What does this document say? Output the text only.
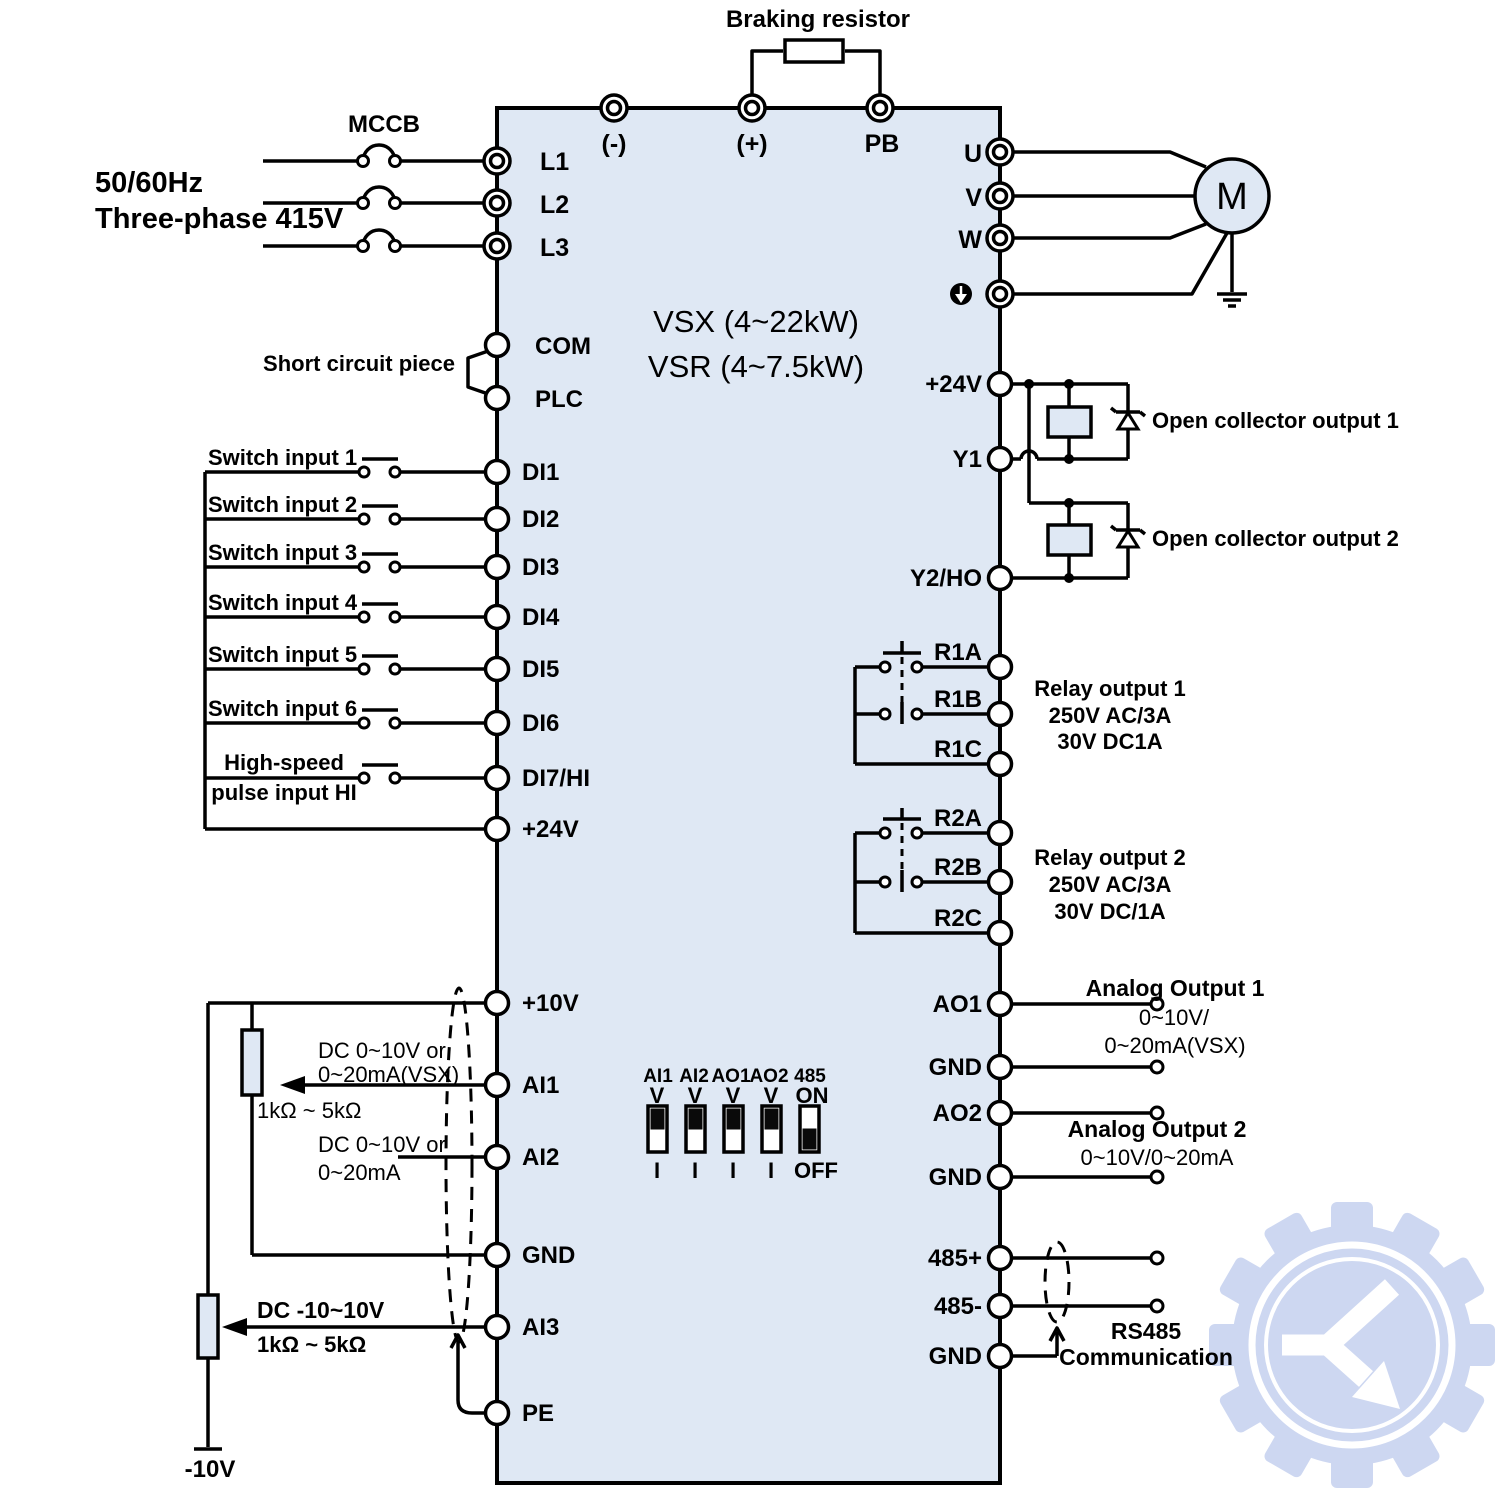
Braking resistor
(-)	(+)	PB
MCCB
50/60Hz
Three-phase 415V
L1
L2
L3
U
V
W
M
Short circuit piece
COM
PLC
VSX (4~22kW)
VSR (4~7.5kW)
Switch input 1
Switch input 2
Switch input 3
Switch input 4
Switch input 5
Switch input 6
High-speed
pulse input HI
DI1
DI2
DI3
DI4
DI5
DI6
DI7/HI
+24V
+10V
AI1
AI2
GND
AI3
PE
DC 0~10V or
0~20mA(VSX)
1kΩ ~ 5kΩ
DC 0~10V or
0~20mA
DC -10~10V
1kΩ ~ 5kΩ
-10V
+24V
Y1
Y2/HO
Open collector output 1
Open collector output 2
R1A
R1B
R1C
Relay output 1
250V AC/3A
30V DC1A
R2A
R2B
R2C
Relay output 2
250V AC/3A
30V DC/1A
AO1
GND
AO2
GND
Analog Output 1
0~10V/
0~20mA(VSX)
Analog Output 2
0~10V/0~20mA
485+
485-
GND
RS485
Communication
AI1 AI2 AO1
AO2 485
V V V V ON
I I I I OFF
